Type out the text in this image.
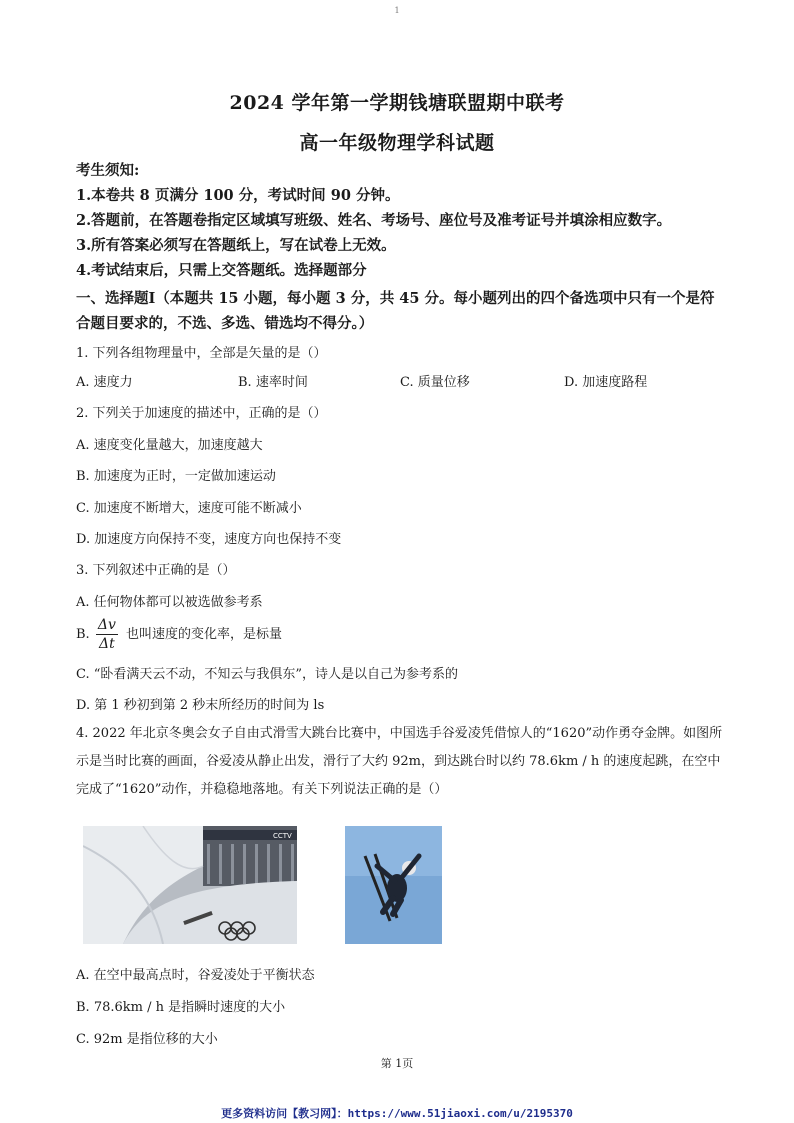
1
2024 学年第一学期钱塘联盟期中联考
高一年级物理学科试题
考生须知:
1.本卷共 8 页满分 100 分，考试时间 90 分钟。
2.答题前，在答题卷指定区域填写班级、姓名、考场号、座位号及准考证号并填涂相应数字。
3.所有答案必须写在答题纸上，写在试卷上无效。
4.考试结束后，只需上交答题纸。选择题部分
一、选择题Ⅰ（本题共 15 小题，每小题 3 分，共 45 分。每小题列出的四个备选项中只有一个是符合题目要求的，不选、多选、错选均不得分。）
1. 下列各组物理量中，全部是矢量的是（）
A. 速度力	B. 速率时间	C. 质量位移	D. 加速度路程
2. 下列关于加速度的描述中，正确的是（）
A. 速度变化量越大，加速度越大
B. 加速度为正时，一定做加速运动
C. 加速度不断增大，速度可能不断减小
D. 加速度方向保持不变，速度方向也保持不变
3. 下列叙述中正确的是（）
A. 任何物体都可以被选做参考系
B. $\frac{\Delta v}{\Delta t}$ 也叫速度的变化率，是标量
C. “卧看满天云不动，不知云与我俱东”，诗人是以自己为参考系的
D. 第 1 秒初到第 2 秒末所经历的时间为 ls
4. 2022 年北京冬奥会女子自由式滑雪大跳台比赛中，中国选手谷爱凌凭借惊人的“1620”动作勇夺金牌。如图所示是当时比赛的画面，谷爱凌从静止出发，滑行了大约 92m，到达跳台时以约 78.6km / h 的速度起跳，在空中完成了“1620”动作，并稳稳地落地。有关下列说法正确的是（）
CCTV
A. 在空中最高点时，谷爱凌处于平衡状态
B. 78.6km / h 是指瞬时速度的大小
C. 92m 是指位移的大小
第 1页
更多资料访问【教习网】：https://www.51jiaoxi.com/u/2195370
